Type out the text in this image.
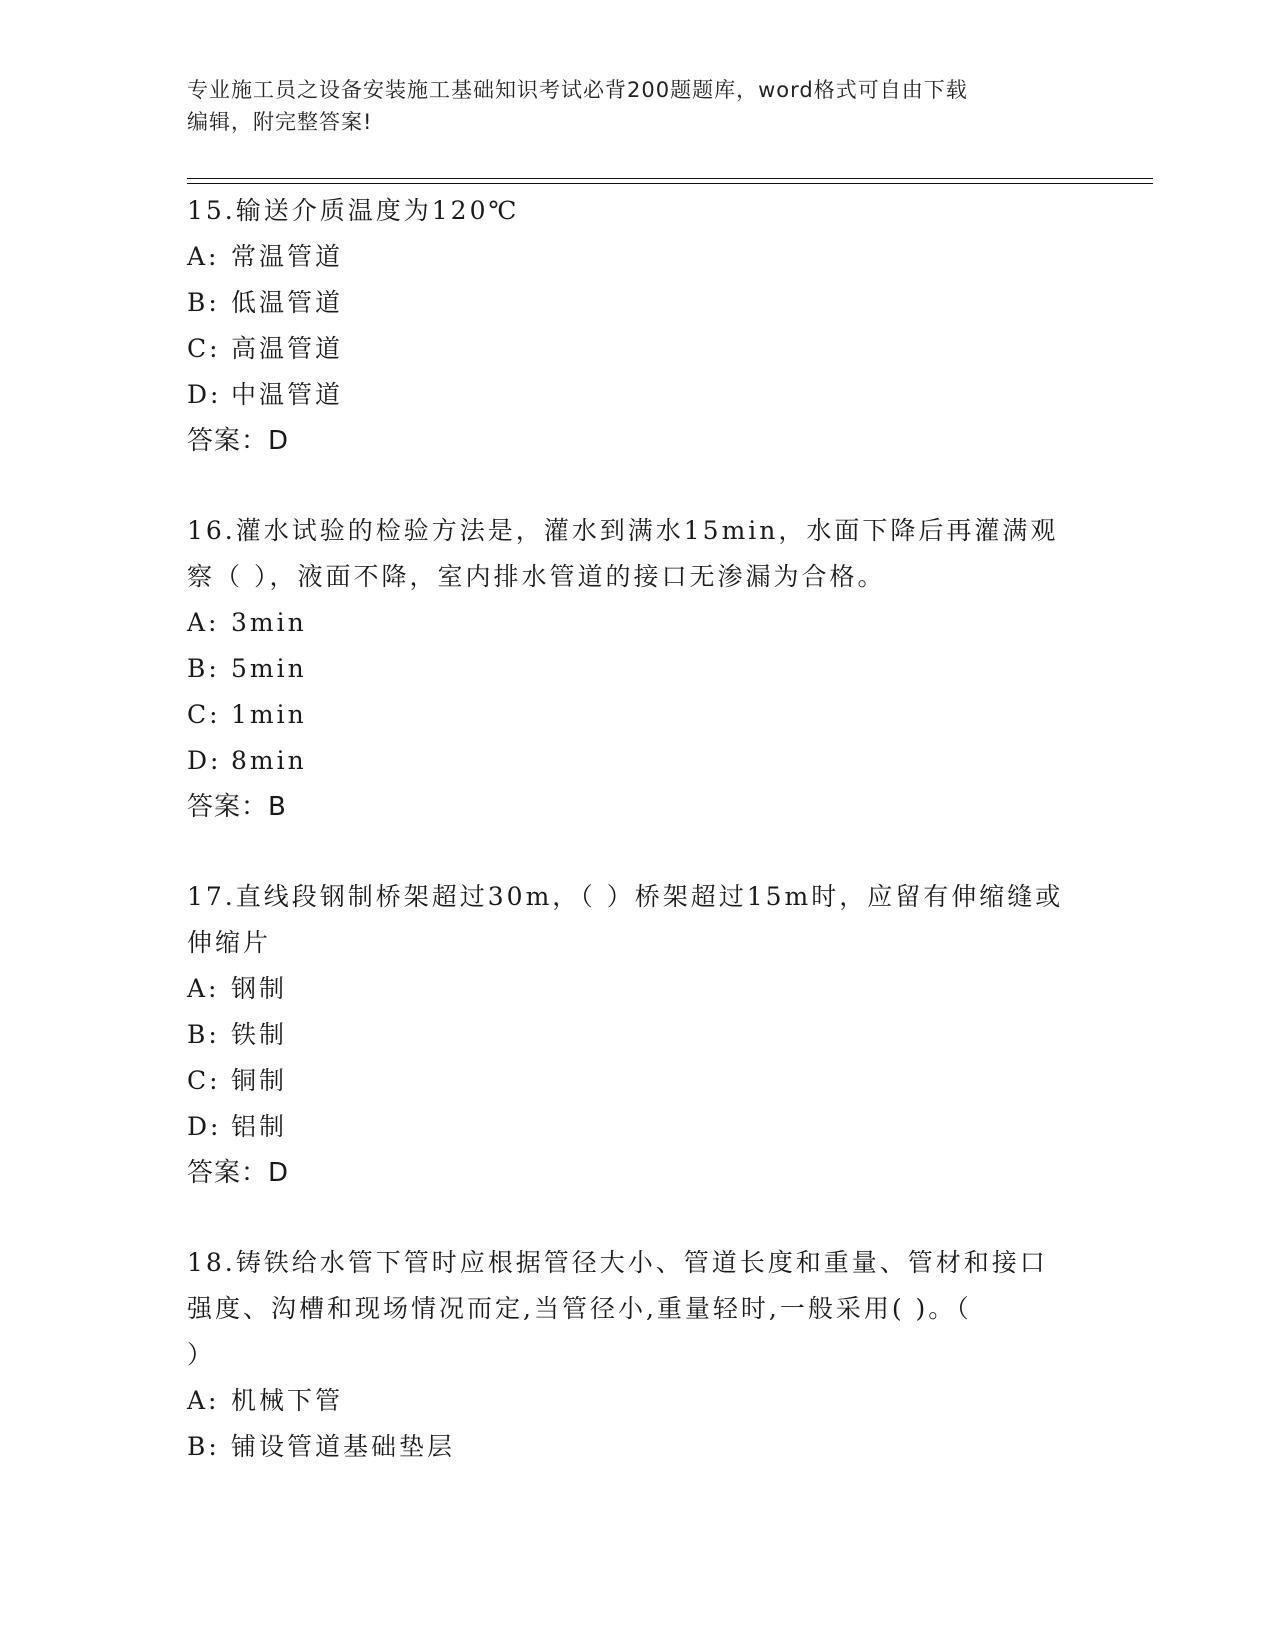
专业施工员之设备安装施工基础知识考试必背200题题库，word格式可自由下载
编辑，附完整答案!
15.输送介质温度为120℃
A: 常温管道
B: 低温管道
C: 高温管道
D: 中温管道
答案：D
16.灌水试验的检验方法是，灌水到满水15min，水面下降后再灌满观
察（ ），液面不降，室内排水管道的接口无渗漏为合格。
A: 3min
B: 5min
C: 1min
D: 8min
答案：B
17.直线段钢制桥架超过30m，（ ）桥架超过15m时，应留有伸缩缝或
伸缩片
A: 钢制
B: 铁制
C: 铜制
D: 铝制
答案：D
18.铸铁给水管下管时应根据管径大小、管道长度和重量、管材和接口
强度、沟槽和现场情况而定,当管径小,重量轻时,一般采用( )。（
）
A: 机械下管
B: 铺设管道基础垫层
